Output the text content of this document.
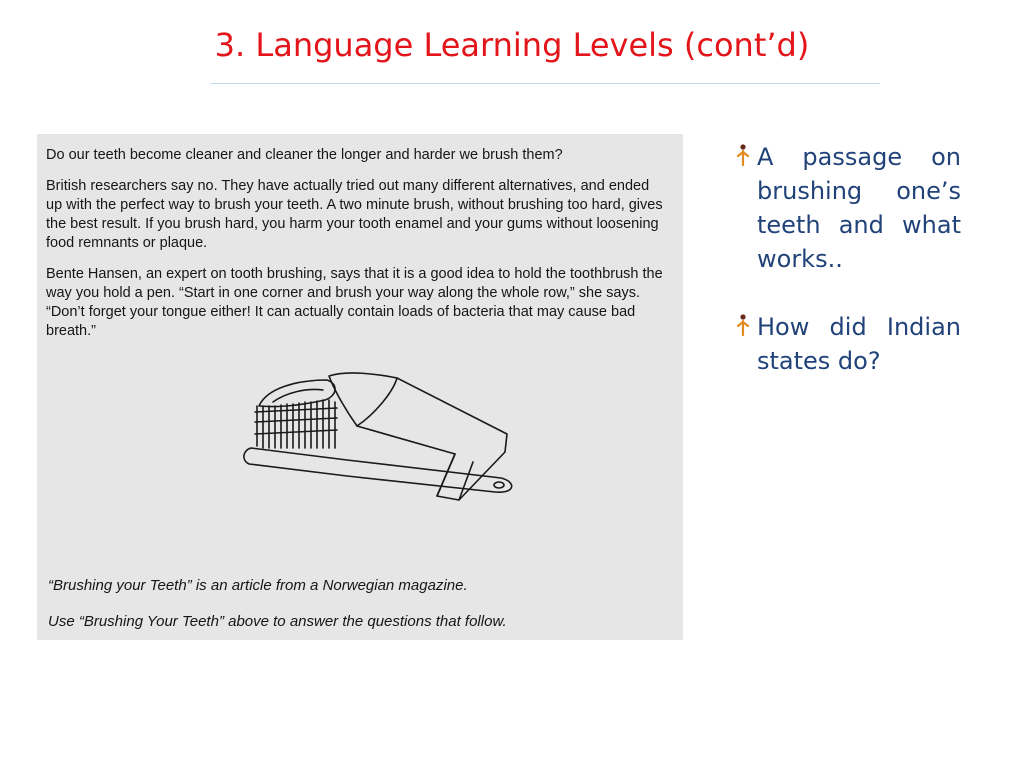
3. Language Learning Levels (cont’d)

Do our teeth become cleaner and cleaner the longer and harder we brush them?

British researchers say no. They have actually tried out many different alternatives, and ended up with the perfect way to brush your teeth. A two minute brush, without brushing too hard, gives the best result. If you brush hard, you harm your tooth enamel and your gums without loosening food remnants or plaque.

Bente Hansen, an expert on tooth brushing, says that it is a good idea to hold the toothbrush the way you hold a pen. “Start in one corner and brush your way along the whole row,” she says. “Don’t forget your tongue either! It can actually contain loads of bacteria that may cause bad breath.”

“Brushing your Teeth” is an article from a Norwegian magazine.

Use “Brushing Your Teeth” above to answer the questions that follow.

A passage on brushing one’s teeth and what works..
How did Indian states do?
